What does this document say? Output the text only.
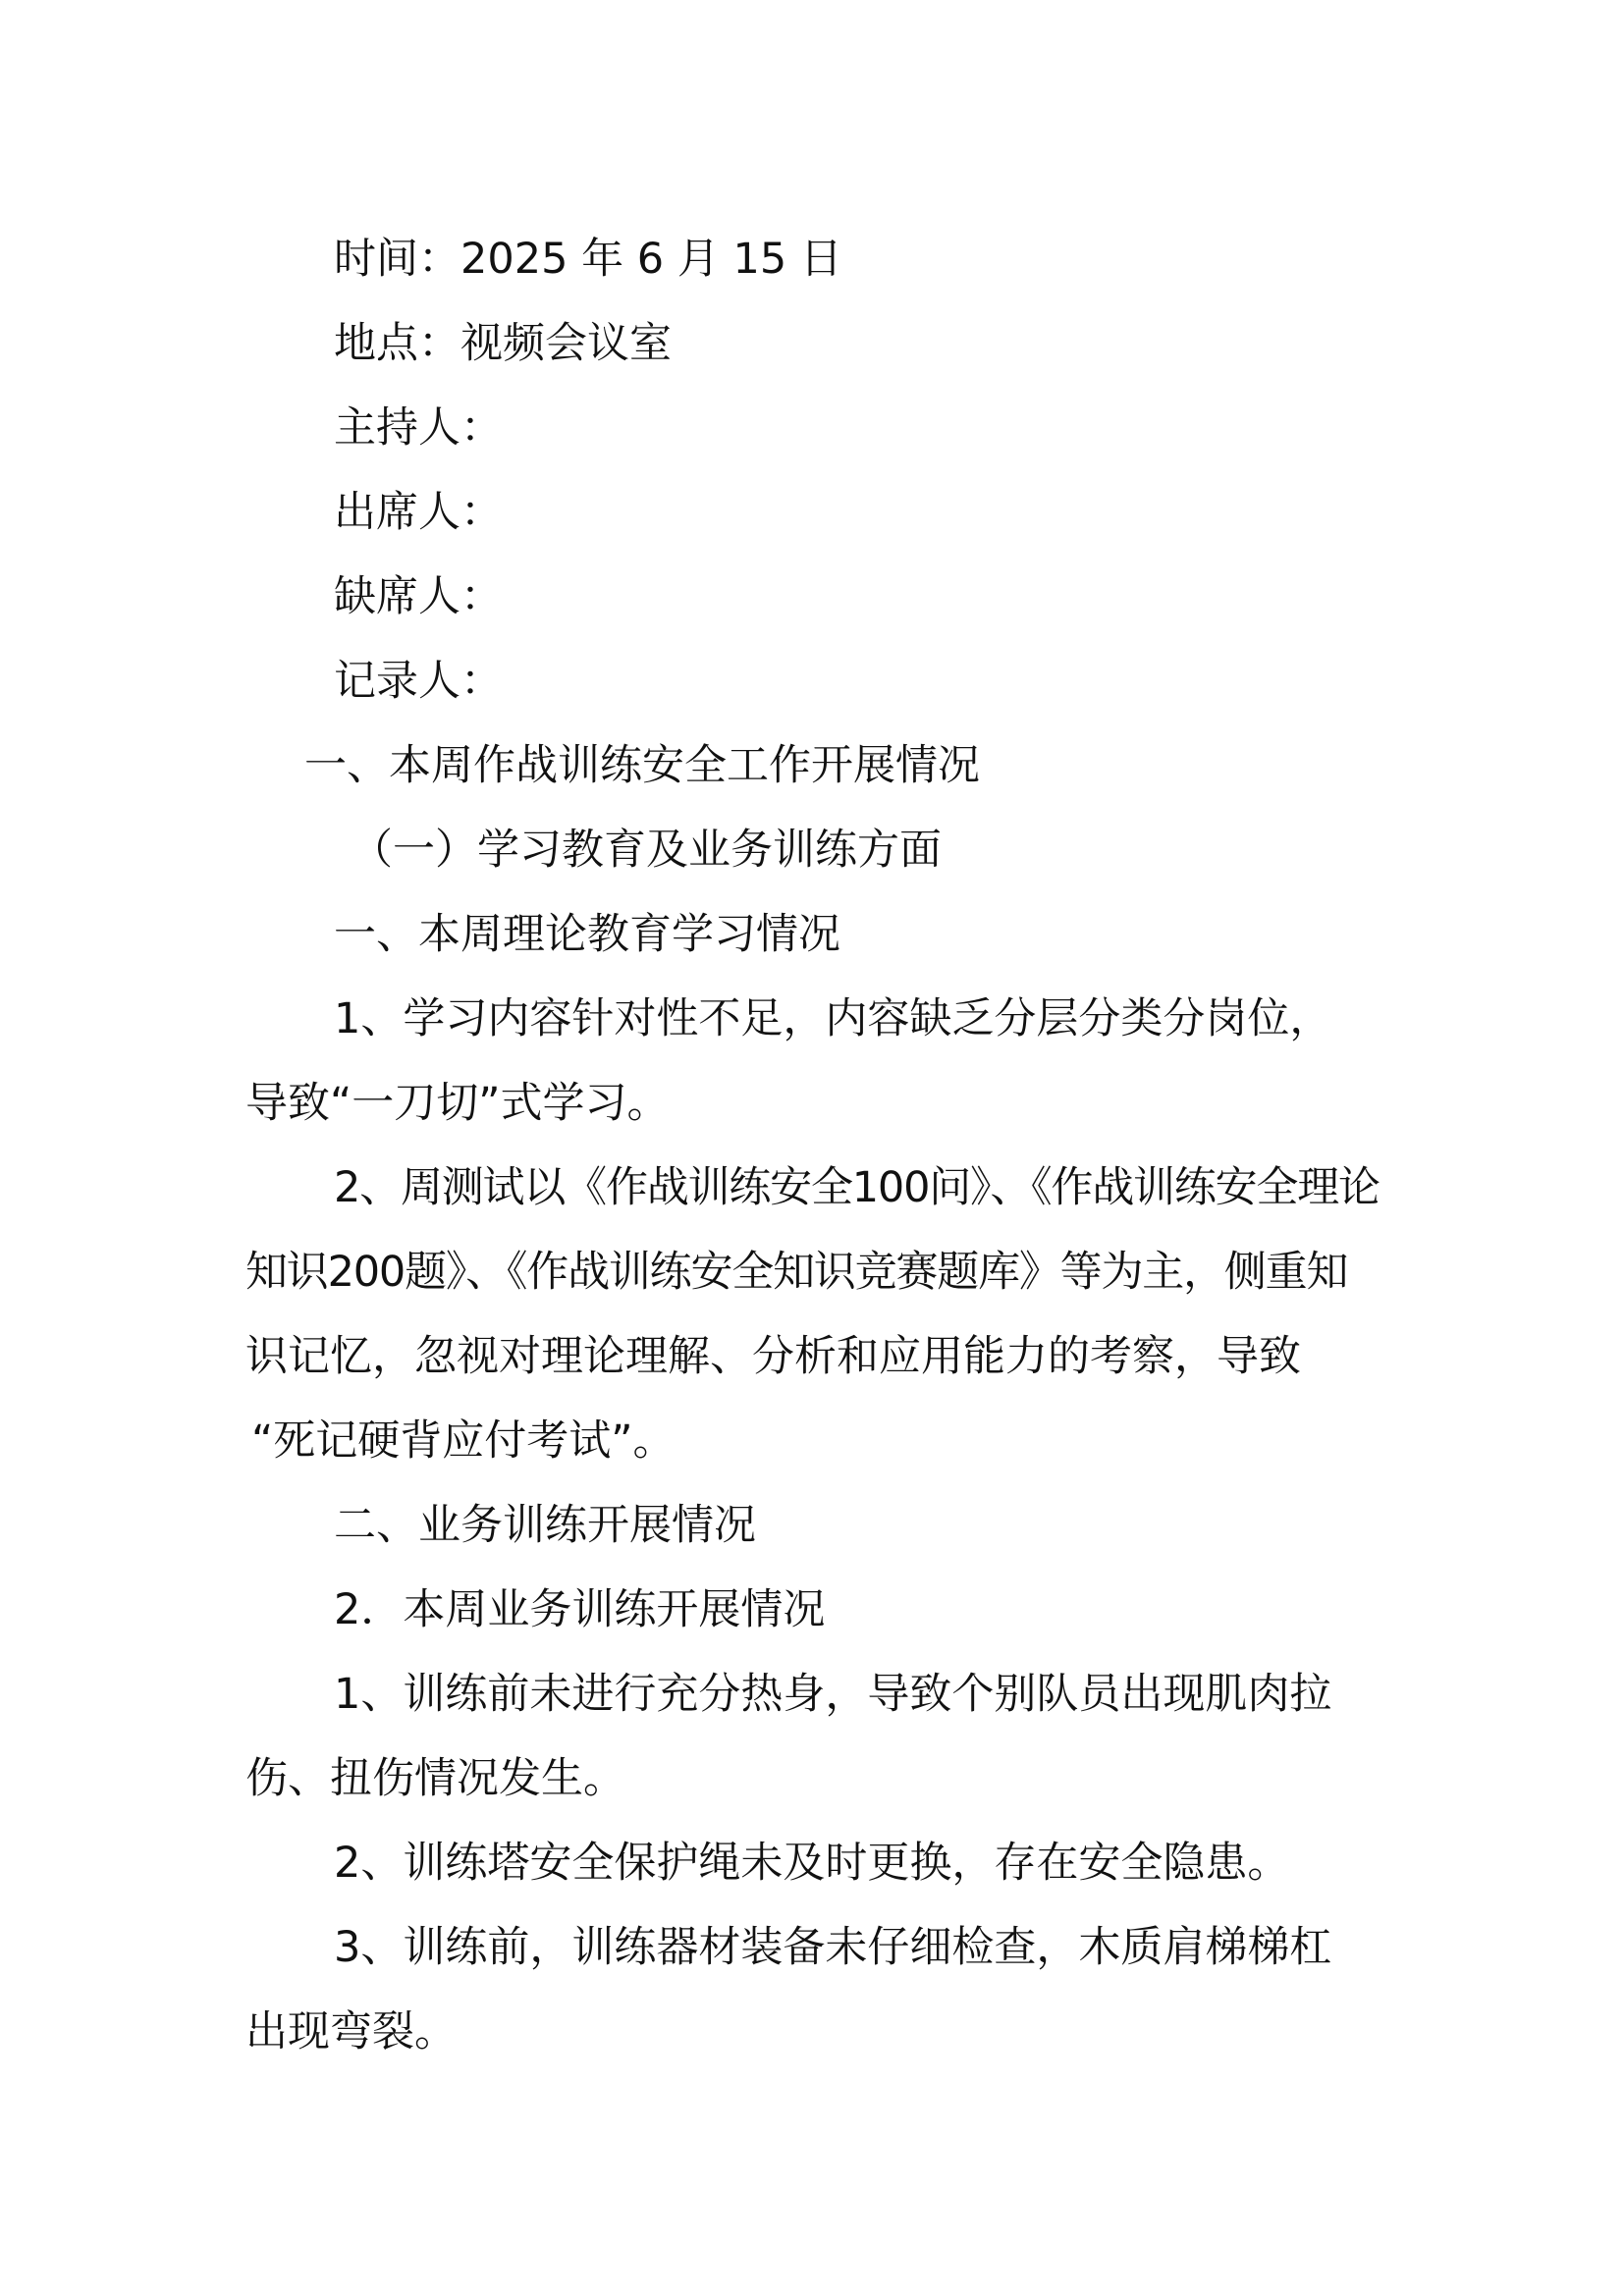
时间：2025 年 6 月 15 日
地点：视频会议室
主持人：
出席人：
缺席人：
记录人：
一、本周作战训练安全工作开展情况
（一）学习教育及业务训练方面
一、本周理论教育学习情况
1、学习内容针对性不足，内容缺乏分层分类分岗位，
导致“一刀切”式学习。
2、周测试以《作战训练安全100问》、《作战训练安全理论
知识200题》、《作战训练安全知识竞赛题库》等为主，侧重知
识记忆，忽视对理论理解、分析和应用能力的考察，导致
“死记硬背应付考试”。
二、业务训练开展情况
2．本周业务训练开展情况
1、训练前未进行充分热身，导致个别队员出现肌肉拉
伤、扭伤情况发生。
2、训练塔安全保护绳未及时更换，存在安全隐患。
3、训练前，训练器材装备未仔细检查，木质肩梯梯杠
出现弯裂。
